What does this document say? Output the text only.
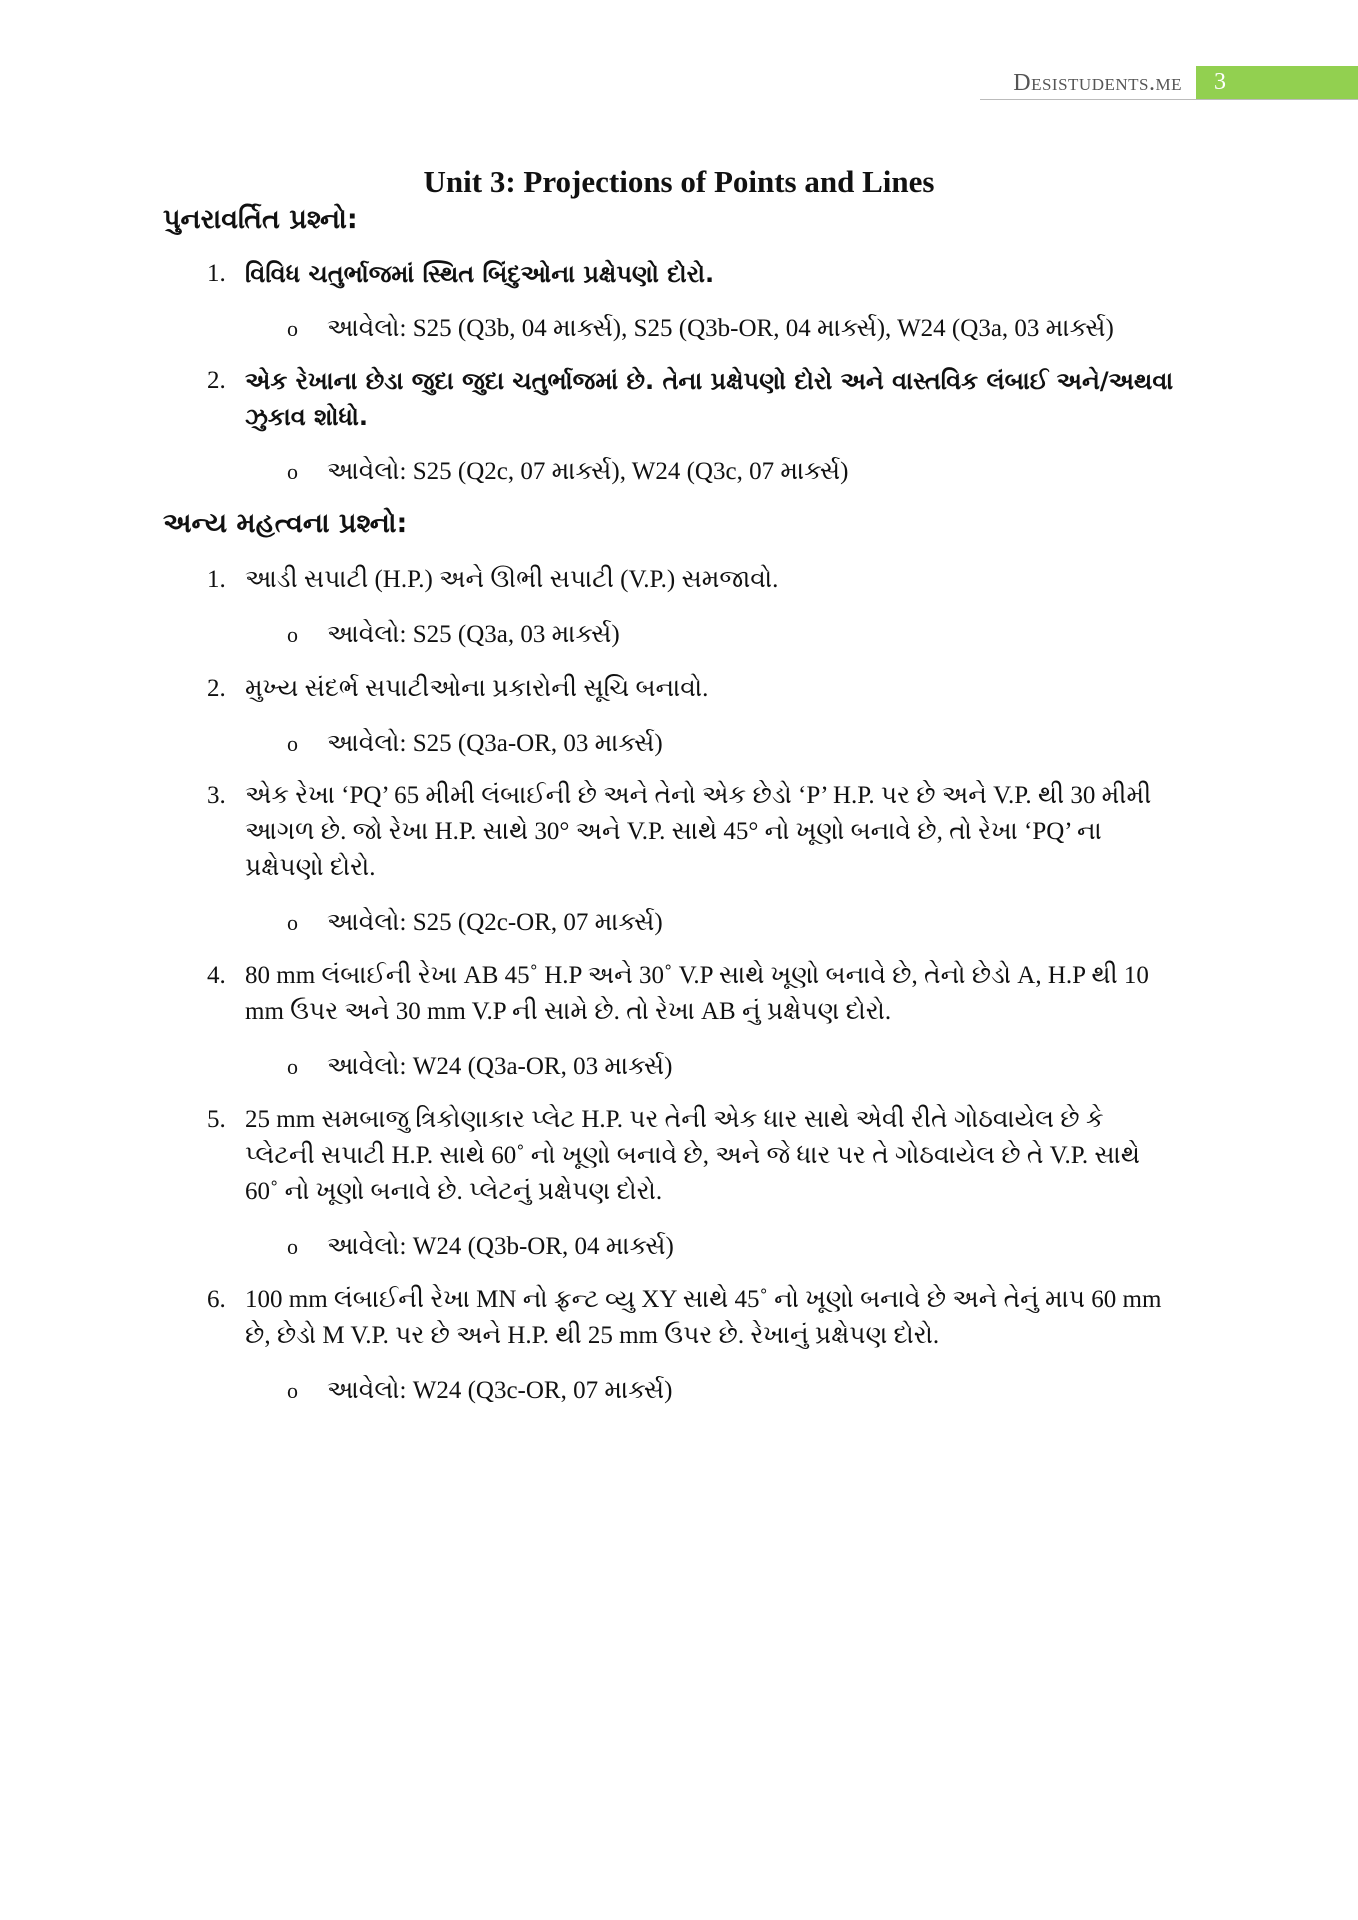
Desistudents.me	3
Unit 3: Projections of Points and Lines
પુનરાવર્તિત પ્રશ્નો:
1. વિવિધ ચતુર્ભાજમાં સ્થિત બિંદુઓના પ્રક્ષેપણો દોરો.
o આવેલો: S25 (Q3b, 04 માર્ક્સ), S25 (Q3b-OR, 04 માર્ક્સ), W24 (Q3a, 03 માર્ક્સ)
2. એક રેખાના છેડા જુદા જુદા ચતુર્ભાજમાં છે. તેના પ્રક્ષેપણો દોરો અને વાસ્તવિક લંબાઈ અને/અથવા ઝુકાવ શોધો.
o આવેલો: S25 (Q2c, 07 માર્ક્સ), W24 (Q3c, 07 માર્ક્સ)
અન્ય મહત્વના પ્રશ્નો:
1. આડી સપાટી (H.P.) અને ઊભી સપાટી (V.P.) સમજાવો.
o આવેલો: S25 (Q3a, 03 માર્ક્સ)
2. મુખ્ય સંદર્ભ સપાટીઓના પ્રકારોની સૂચિ બનાવો.
o આવેલો: S25 (Q3a-OR, 03 માર્ક્સ)
3. એક રેખા ‘PQ’ 65 મીમી લંબાઈની છે અને તેનો એક છેડો ‘P’ H.P. પર છે અને V.P. થી 30 મીમી આગળ છે. જો રેખા H.P. સાથે 30° અને V.P. સાથે 45° નો ખૂણો બનાવે છે, તો રેખા ‘PQ’ ના પ્રક્ષેપણો દોરો.
o આવેલો: S25 (Q2c-OR, 07 માર્ક્સ)
4. 80 mm લંબાઈની રેખા AB 45˚ H.P અને 30˚ V.P સાથે ખૂણો બનાવે છે, તેનો છેડો A, H.P થી 10 mm ઉપર અને 30 mm V.P ની સામે છે. તો રેખા AB નું પ્રક્ષેપણ દોરો.
o આવેલો: W24 (Q3a-OR, 03 માર્ક્સ)
5. 25 mm સમબાજુ ત્રિકોણાકાર પ્લેટ H.P. પર તેની એક ધાર સાથે એવી રીતે ગોઠવાયેલ છે કે પ્લેટની સપાટી H.P. સાથે 60˚ નો ખૂણો બનાવે છે, અને જે ધાર પર તે ગોઠવાયેલ છે તે V.P. સાથે 60˚ નો ખૂણો બનાવે છે. પ્લેટનું પ્રક્ષેપણ દોરો.
o આવેલો: W24 (Q3b-OR, 04 માર્ક્સ)
6. 100 mm લંબાઈની રેખા MN નો ફ્રન્ટ વ્યુ XY સાથે 45˚ નો ખૂણો બનાવે છે અને તેનું માપ 60 mm છે, છેડો M V.P. પર છે અને H.P. થી 25 mm ઉપર છે. રેખાનું પ્રક્ષેપણ દોરો.
o આવેલો: W24 (Q3c-OR, 07 માર્ક્સ)
